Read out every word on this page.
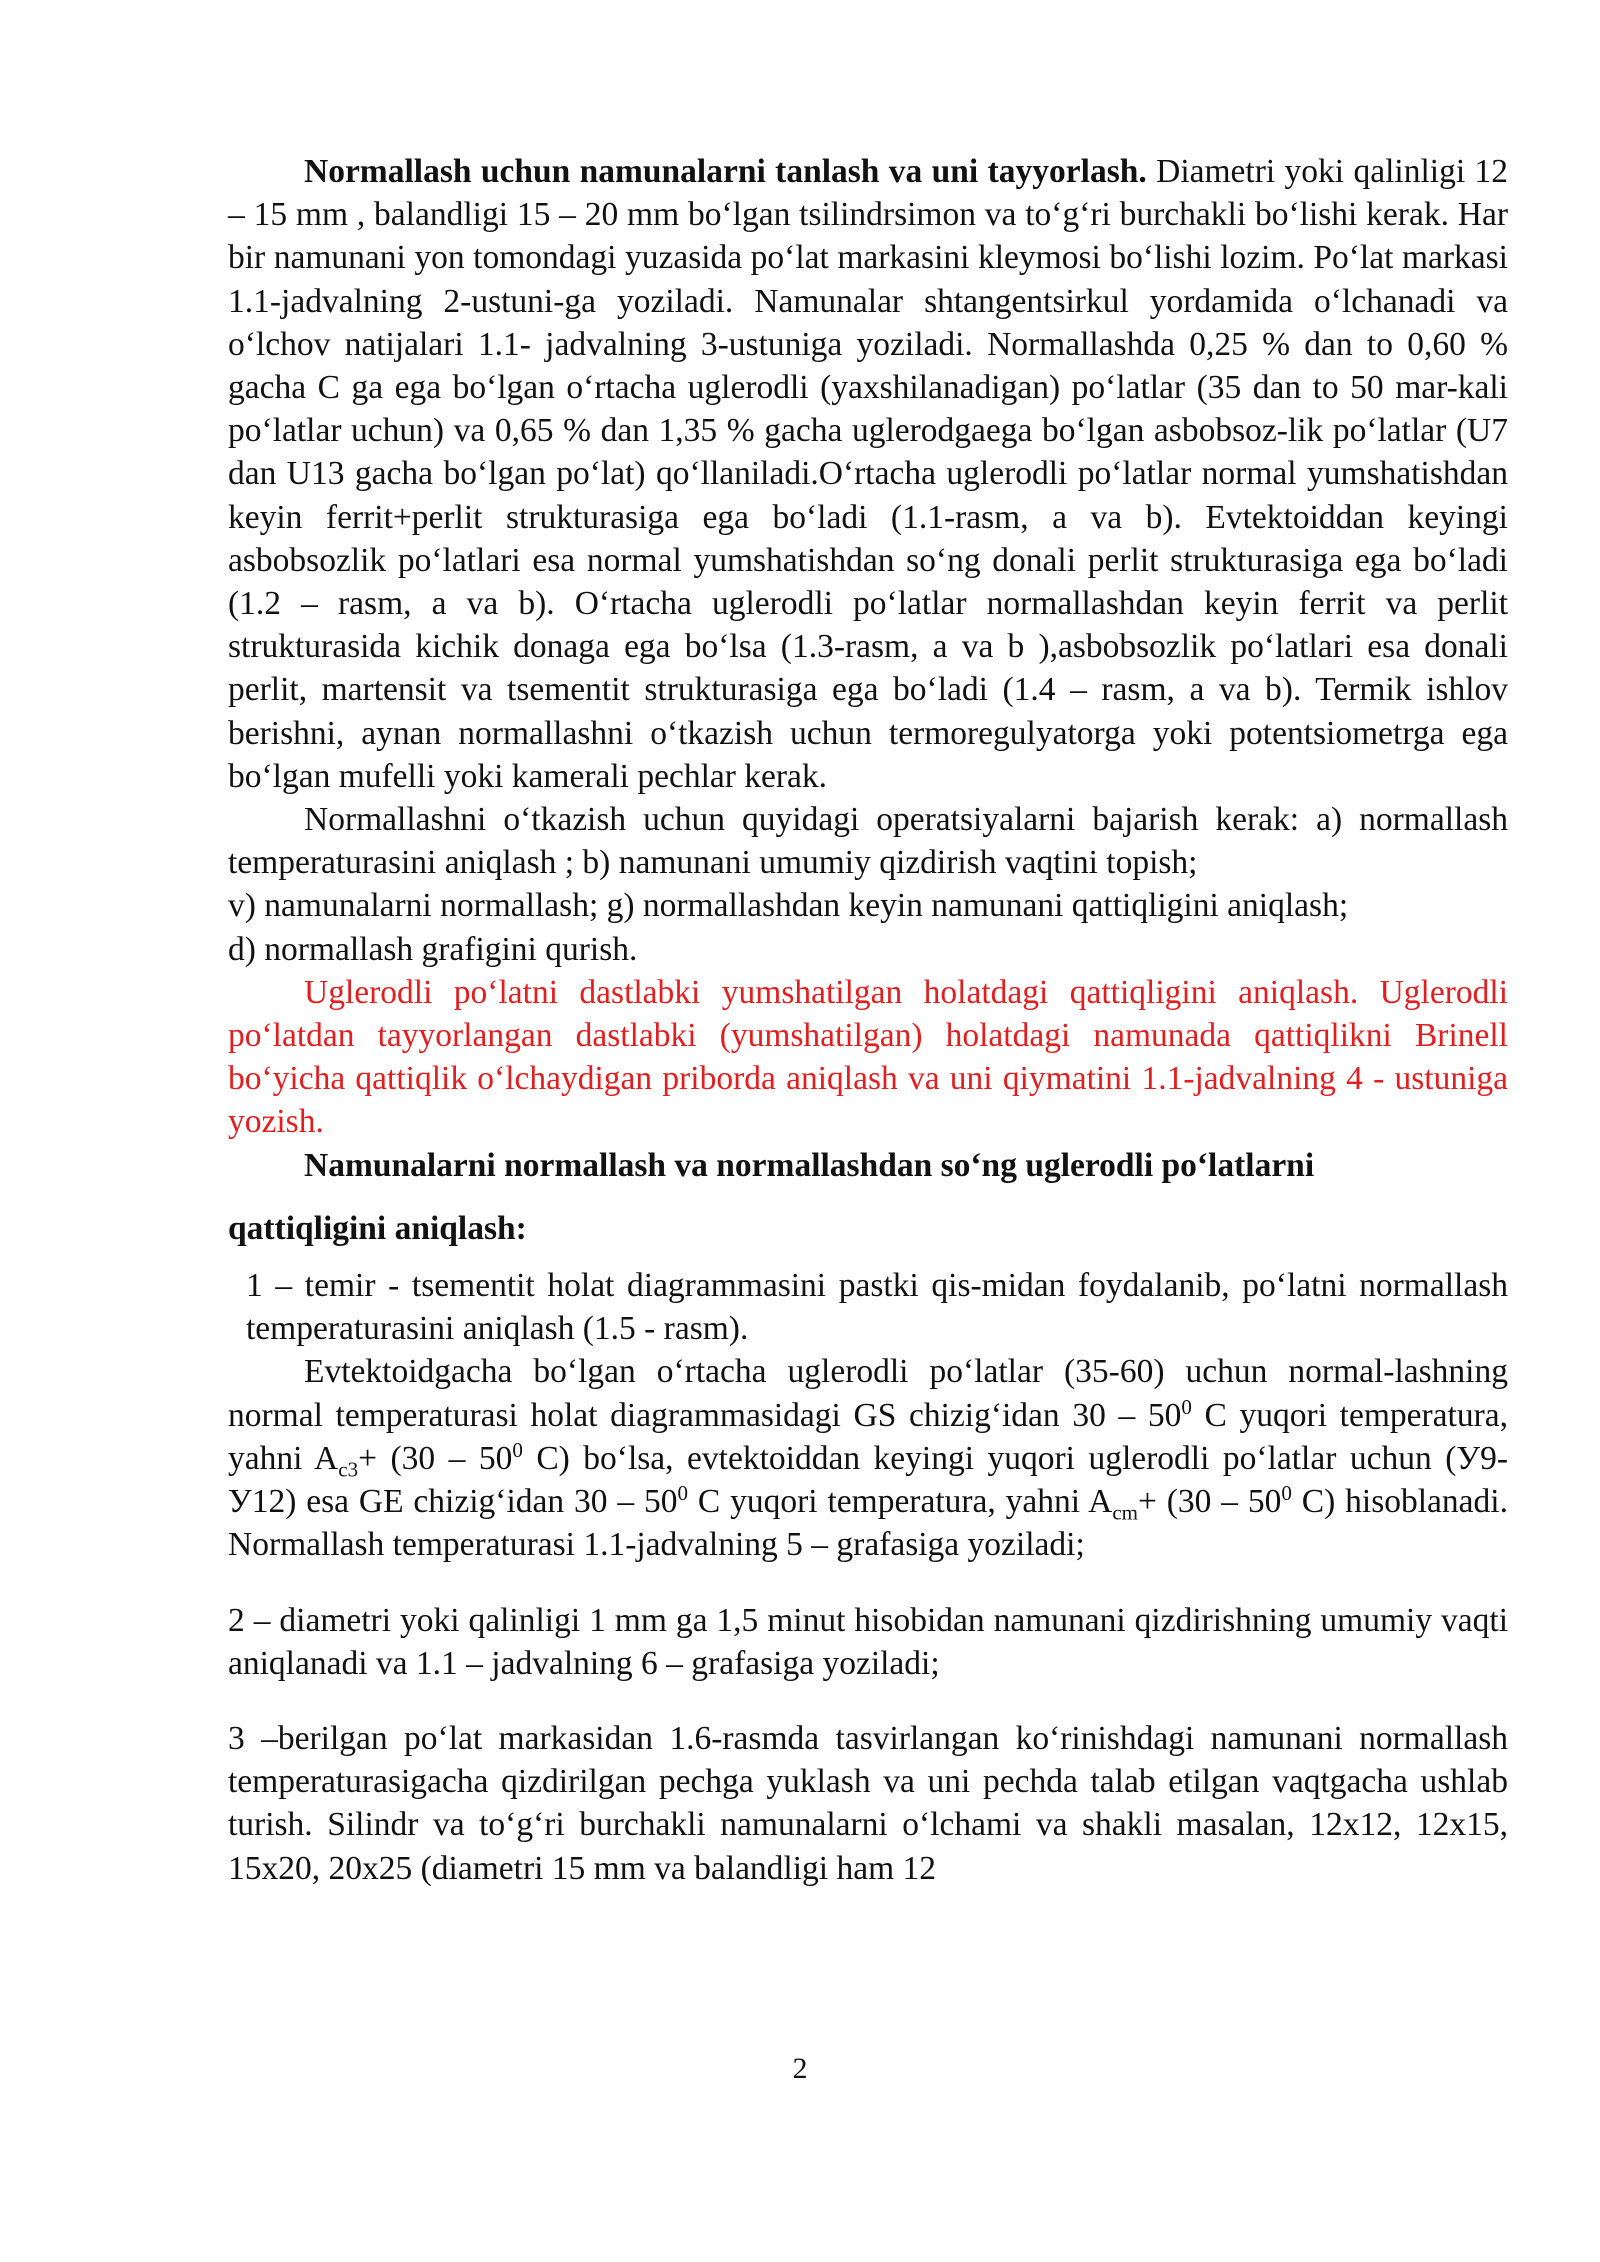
Normallash uchun namunalarni tanlash va uni tayyorlash. Diametri yoki qalinligi 12 – 15 mm , balandligi 15 – 20 mm bo‘lgan tsilindrsimon va to‘g‘ri burchakli bo‘lishi kerak. Har bir namunani yon tomondagi yuzasida po‘lat markasini kleymosi bo‘lishi lozim. Po‘lat markasi 1.1-jadvalning 2-ustuni-ga yoziladi. Namunalar shtangentsirkul yordamida o‘lchanadi va o‘lchov natijalari 1.1- jadvalning 3-ustuniga yoziladi. Normallashda 0,25 % dan to 0,60 % gacha C ga ega bo‘lgan o‘rtacha uglerodli (yaxshilanadigan) po‘latlar (35 dan to 50 mar-kali po‘latlar uchun) va 0,65 % dan 1,35 % gacha uglerodgaega bo‘lgan asbobsoz-lik po‘latlar (U7 dan U13 gacha bo‘lgan po‘lat) qo‘llaniladi.O‘rtacha uglerodli po‘latlar normal yumshatishdan keyin ferrit+perlit strukturasiga ega bo‘ladi (1.1-rasm, a va b). Evtektoiddan keyingi asbobsozlik po‘latlari esa normal yumshatishdan so‘ng donali perlit strukturasiga ega bo‘ladi (1.2 – rasm, a va b). O‘rtacha uglerodli po‘latlar normallashdan keyin ferrit va perlit strukturasida kichik donaga ega bo‘lsa (1.3-rasm, a va b ),asbobsozlik po‘latlari esa donali perlit, martensit va tsementit strukturasiga ega bo‘ladi (1.4 – rasm, a va b). Termik ishlov berishni, aynan normallashni o‘tkazish uchun termoregulyatorga yoki potentsiometrga ega bo‘lgan mufelli yoki kamerali pechlar kerak.

Normallashni o‘tkazish uchun quyidagi operatsiyalarni bajarish kerak: a) normallash temperaturasini aniqlash ; b) namunani umumiy qizdirish vaqtini topish;

v) namunalarni normallash; g) normallashdan keyin namunani qattiqligini aniqlash;

d) normallash grafigini qurish.

Uglerodli po‘latni dastlabki yumshatilgan holatdagi qattiqligini aniqlash. Uglerodli po‘latdan tayyorlangan dastlabki (yumshatilgan) holatdagi namunada qattiqlikni Brinell bo‘yicha qattiqlik o‘lchaydigan priborda aniqlash va uni qiymatini 1.1-jadvalning 4 - ustuniga yozish.

Namunalarni normallash va normallashdan so‘ng uglerodli po‘latlarni

qattiqligini aniqlash:

1 – temir - tsementit holat diagrammasini pastki qis-midan foydalanib, po‘latni normallash temperaturasini aniqlash (1.5 - rasm).

Evtektoidgacha bo‘lgan o‘rtacha uglerodli po‘latlar (35-60) uchun normal-lashning normal temperaturasi holat diagrammasidagi GS chizig‘idan $30 - 50^0$ C yuqori temperatura, yahni $A_{c3}+ (30 - 50^0$ C) bo‘lsa, evtektoiddan keyingi yuqori uglerodli po‘latlar uchun (У9-У12) esa GE chizig‘idan $30 - 50^0$ C yuqori temperatura, yahni $A_{cm}+ (30 - 50^0$ C) hisoblanadi. Normallash temperaturasi 1.1-jadvalning 5 – grafasiga yoziladi;

2 – diametri yoki qalinligi 1 mm ga 1,5 minut hisobidan namunani qizdirishning umumiy vaqti aniqlanadi va 1.1 – jadvalning 6 – grafasiga yoziladi;

3 –berilgan po‘lat markasidan 1.6-rasmda tasvirlangan ko‘rinishdagi namunani normallash temperaturasigacha qizdirilgan pechga yuklash va uni pechda talab etilgan vaqtgacha ushlab turish. Silindr va to‘g‘ri burchakli namunalarni o‘lchami va shakli masalan, 12x12, 12x15, 15x20, 20x25 (diametri 15 mm va balandligi ham 12

2
